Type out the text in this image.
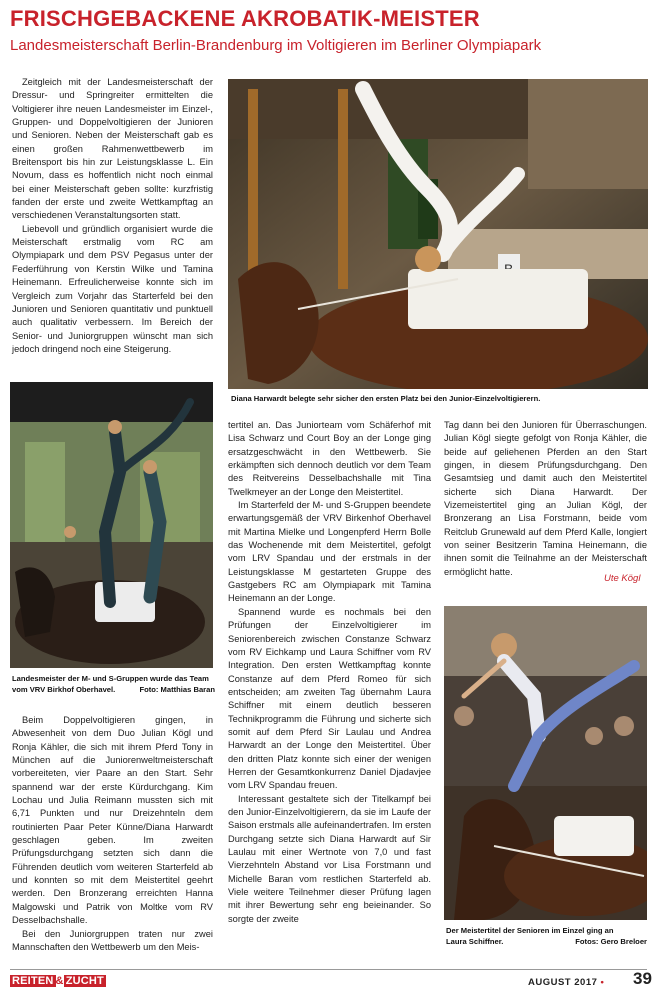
FRISCHGEBACKENE AKROBATIK-MEISTER
Landesmeisterschaft Berlin-Brandenburg im Voltigieren im Berliner Olympiapark

Zeitgleich mit der Landesmeisterschaft der Dressur- und Springreiter ermittelten die Voltigierer ihre neuen Landesmeister im Einzel-, Gruppen- und Doppelvoltigieren der Junioren und Senioren. Neben der Meisterschaft gab es einen großen Rahmenwettbewerb im Breitensport bis hin zur Leistungsklasse L. Ein Novum, dass es hoffentlich nicht noch einmal bei einer Meisterschaft geben sollte: kurzfristig fanden der erste und zweite Wettkampftag an verschiedenen Veranstaltungsorten statt.

Liebevoll und gründlich organisiert wurde die Meisterschaft erstmalig vom RC am Olympiapark und dem PSV Pegasus unter der Federführung von Kerstin Wilke und Tamina Heinemann. Erfreulicherweise konnte sich im Vergleich zum Vorjahr das Starterfeld bei den Junioren und Senioren quantitativ und punktuell auch qualitativ verbessern. Im Bereich der Senior- und Juniorgruppen wünscht man sich jedoch dringend noch eine Steigerung.

Diana Harwardt belegte sehr sicher den ersten Platz bei den Junior-Einzelvoltigierern.
Landesmeister der M- und S-Gruppen wurde das Team
vom VRV Birkhof Oberhavel.	Foto: Matthias Baran

Beim Doppelvoltigieren gingen, in Abwesenheit von dem Duo Julian Kögl und Ronja Kähler, die sich mit ihrem Pferd Tony in München auf die Juniorenweltmeisterschaft vorbereiteten, vier Paare an den Start. Sehr spannend war der erste Kürdurchgang. Kim Lochau und Julia Reimann mussten sich mit 6,71 Punkten und nur Dreizehnteln dem routinierten Paar Peter Künne/Diana Harwardt geschlagen geben. Im zweiten Prüfungsdurchgang setzten sich dann die Führenden deutlich vom weiteren Starterfeld ab und konnten so mit dem Meistertitel geehrt werden. Den Bronzerang erreichten Hanna Malgowski und Patrik von Moltke vom RV Desselbachshalle.

Bei den Juniorgruppen traten nur zwei Mannschaften den Wettbewerb um den Meis-

tertitel an. Das Juniorteam vom Schäferhof mit Lisa Schwarz und Court Boy an der Longe ging ersatzgeschwächt in den Wettbewerb. Sie erkämpften sich dennoch deutlich vor dem Team des Reitvereins Desselbachshalle mit Tina Twelkmeyer an der Longe den Meistertitel.

Im Starterfeld der M- und S-Gruppen beendete erwartungsgemäß der VRV Birkenhof Oberhavel mit Martina Mielke und Longenpferd Herrn Bolle das Wochenende mit dem Meistertitel, gefolgt vom LRV Spandau und der erstmals in der Leistungsklasse M gestarteten Gruppe des Gastgebers RC am Olympiapark mit Tamina Heinemann an der Longe.

Spannend wurde es nochmals bei den Prüfungen der Einzelvoltigierer im Seniorenbereich zwischen Constanze Schwarz vom RV Eichkamp und Laura Schiffner vom RV Integration. Den ersten Wettkampftag konnte Constanze auf dem Pferd Romeo für sich entscheiden; am zweiten Tag übernahm Laura Schiffner mit einem deutlich besseren Technikprogramm die Führung und sicherte sich somit auf dem Pferd Sir Laulau und Andrea Harwardt an der Longe den Meistertitel. Über den dritten Platz konnte sich einer der wenigen Herren der Gesamtkonkurrenz Daniel Djadavjee vom LRV Spandau freuen.

Interessant gestaltete sich der Titelkampf bei den Junior-Einzelvoltigierern, da sie im Laufe der Saison erstmals alle aufeinandertrafen. Im ersten Durchgang setzte sich Diana Harwardt auf Sir Laulau mit einer Wertnote von 7,0 und fast Vierzehnteln Abstand vor Lisa Forstmann und Michelle Baran vom restlichen Starterfeld ab. Viele weitere Teilnehmer dieser Prüfung lagen mit ihrer Bewertung sehr eng beieinander. So sorgte der zweite

Tag dann bei den Junioren für Überraschungen. Julian Kögl siegte gefolgt von Ronja Kähler, die beide auf geliehenen Pferden an den Start gingen, in diesem Prüfungsdurchgang. Den Gesamtsieg und damit auch den Meistertitel sicherte sich Diana Harwardt. Der Vizemeistertitel ging an Julian Kögl, der Bronzerang an Lisa Forstmann, beide vom Reitclub Grunewald auf dem Pferd Kalle, longiert von seiner Besitzerin Tamina Heinemann, die ihnen somit die Teilnahme an der Meisterschaft ermöglicht hatte.

Ute Kögl
Der Meistertitel der Senioren im Einzel ging an
Laura Schiffner.	Fotos: Gero Breloer
REITEN & ZUCHT	AUGUST 2017 • 39
